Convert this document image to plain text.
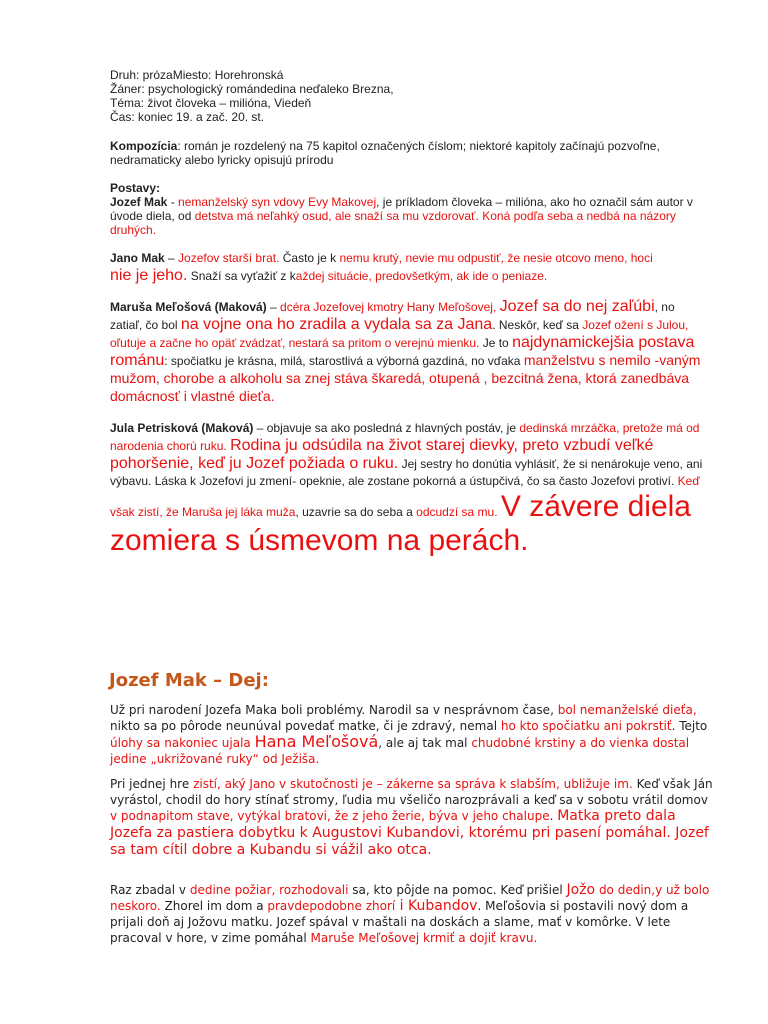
Druh: prózaMiesto: Horehronská
Žáner: psychologický romándedina neďaleko Brezna,
Téma: život človeka – milióna, Viedeň
Čas: koniec 19. a zač. 20. st.

Kompozícia: román je rozdelený na 75 kapitol označených číslom; niektoré kapitoly začínajú pozvoľne, nedramaticky alebo lyricky opisujú prírodu

Postavy:

Jozef Mak - nemanželský syn vdovy Evy Makovej, je príkladom človeka – milióna, ako ho označil sám autor v úvode diela, od detstva má neľahký osud, ale snaží sa mu vzdorovať. Koná podľa seba a nedbá na názory druhých.

Jano Mak – Jozefov starší brat. Často je k nemu krutý, nevie mu odpustiť, že nesie otcovo meno, hoci
nie je jeho. Snaží sa vyťažiť z každej situácie, predovšetkým, ak ide o peniaze.

Maruša Meľošová (Maková) – dcéra Jozefovej kmotry Hany Meľošovej, Jozef sa do nej zaľúbi, no zatiaľ, čo bol na vojne ona ho zradila a vydala sa za Jana. Neskôr, keď sa Jozef ožení s Julou, oľutuje a začne ho opäť zvádzať, nestará sa pritom o verejnú mienku. Je to najdynamickejšia postava románu: spočiatku je krásna, milá, starostlivá a výborná gazdiná, no vďaka manželstvu s nemilo -vaným mužom, chorobe a alkoholu sa znej stáva škaredá, otupená , bezcitná žena, ktorá zanedbáva domácnosť i vlastné dieťa.

Jula Petrisková (Maková) – objavuje sa ako posledná z hlavných postáv, je dedinská mrzáčka, pretože má od narodenia chorú ruku. Rodina ju odsúdila na život starej dievky, preto vzbudí veľké pohoršenie, keď ju Jozef požiada o ruku. Jej sestry ho donútia vyhlásiť, že si nenárokuje veno, ani výbavu. Láska k Jozefovi ju zmení- opeknie, ale zostane pokorná a ústupčivá, čo sa často Jozefovi protiví. Keď však zistí, že Maruša jej láka muža, uzavrie sa do seba a odcudzí sa mu. V závere diela zomiera s úsmevom na perách.

Jozef Mak – Dej:

Už pri narodení Jozefa Maka boli problémy. Narodil sa v nesprávnom čase, bol nemanželské dieťa, nikto sa po pôrode neunúval povedať matke, či je zdravý, nemal ho kto spočiatku ani pokrstiť. Tejto úlohy sa nakoniec ujala Hana Meľošová, ale aj tak mal chudobné krstiny a do vienka dostal jedine „ukrižované ruky“ od Ježiša.

Pri jednej hre zistí, aký Jano v skutočnosti je – zákerne sa správa k slabším, ubližuje im. Keď však Ján vyrástol, chodil do hory stínať stromy, ľudia mu všeličo narozprávali a keď sa v sobotu vrátil domov v podnapitom stave, vytýkal bratovi, že z jeho žerie, býva v jeho chalupe. Matka preto dala Jozefa za pastiera dobytku k Augustovi Kubandovi, ktorému pri pasení pomáhal. Jozef sa tam cítil dobre a Kubandu si vážil ako otca.

Raz zbadal v dedine požiar, rozhodovali sa, kto pôjde na pomoc. Keď prišiel Jožo do dedin,y už bolo neskoro. Zhorel im dom a pravdepodobne zhorí i Kubandov. Meľošovia si postavili nový dom a prijali doň aj Jožovu matku. Jozef spával v maštali na doskách a slame, mať v komôrke. V lete pracoval v hore, v zime pomáhal Maruše Meľošovej krmiť a dojiť kravu.
